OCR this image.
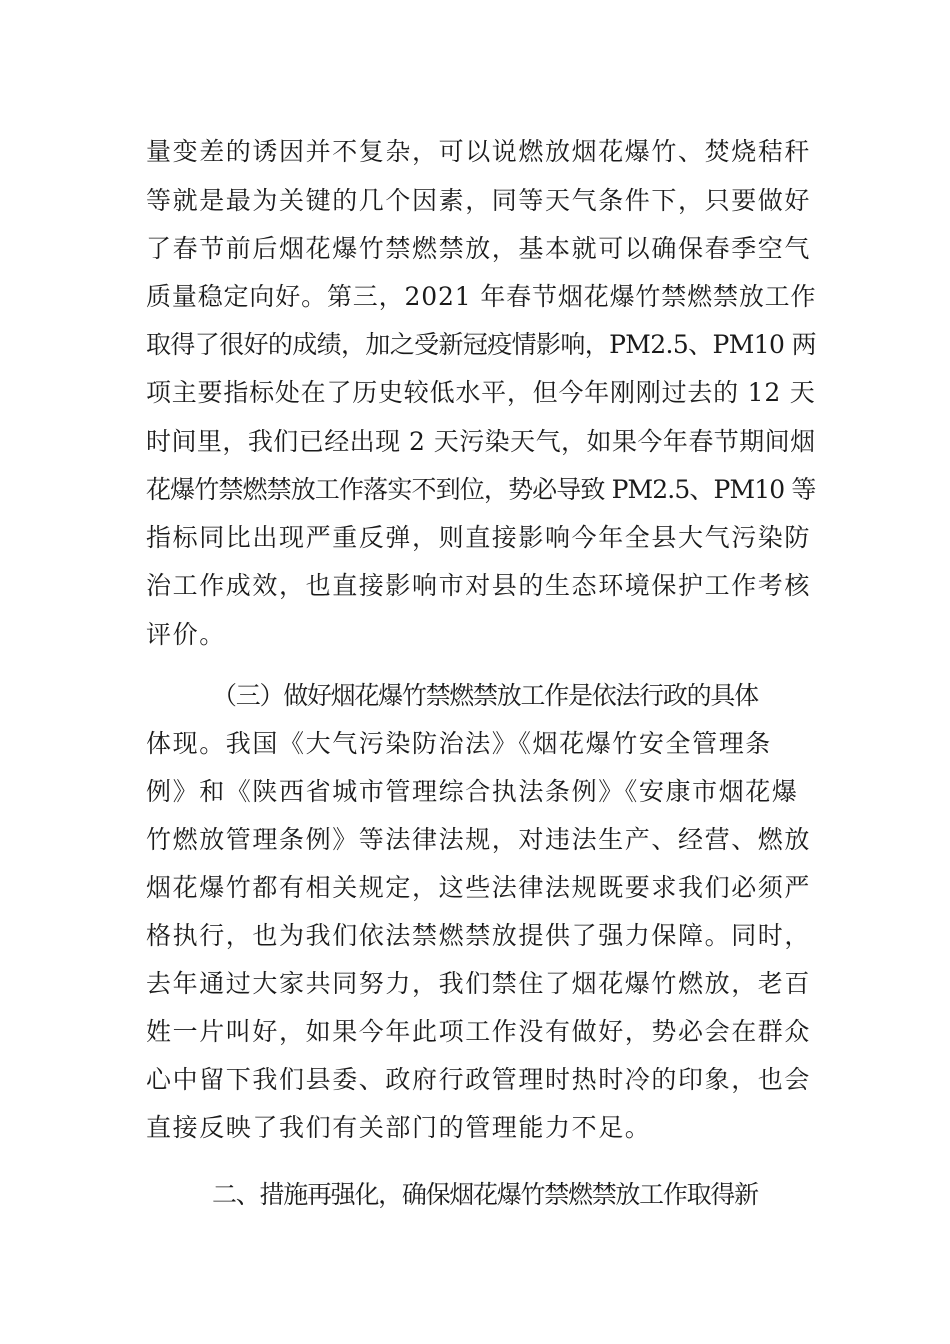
量变差的诱因并不复杂，可以说燃放烟花爆竹、焚烧秸秆
等就是最为关键的几个因素，同等天气条件下，只要做好
了春节前后烟花爆竹禁燃禁放，基本就可以确保春季空气
质量稳定向好。第三，2021 年春节烟花爆竹禁燃禁放工作
取得了很好的成绩，加之受新冠疫情影响，PM2.5、PM10 两
项主要指标处在了历史较低水平，但今年刚刚过去的 12 天
时间里，我们已经出现 2 天污染天气，如果今年春节期间烟
花爆竹禁燃禁放工作落实不到位，势必导致 PM2.5、PM10 等
指标同比出现严重反弹，则直接影响今年全县大气污染防
治工作成效，也直接影响市对县的生态环境保护工作考核
评价。
（三）做好烟花爆竹禁燃禁放工作是依法行政的具体
体现。我国《大气污染防治法》《烟花爆竹安全管理条
例》和《陕西省城市管理综合执法条例》《安康市烟花爆
竹燃放管理条例》等法律法规，对违法生产、经营、燃放
烟花爆竹都有相关规定，这些法律法规既要求我们必须严
格执行，也为我们依法禁燃禁放提供了强力保障。同时，
去年通过大家共同努力，我们禁住了烟花爆竹燃放，老百
姓一片叫好，如果今年此项工作没有做好，势必会在群众
心中留下我们县委、政府行政管理时热时冷的印象，也会
直接反映了我们有关部门的管理能力不足。
二、措施再强化，确保烟花爆竹禁燃禁放工作取得新
